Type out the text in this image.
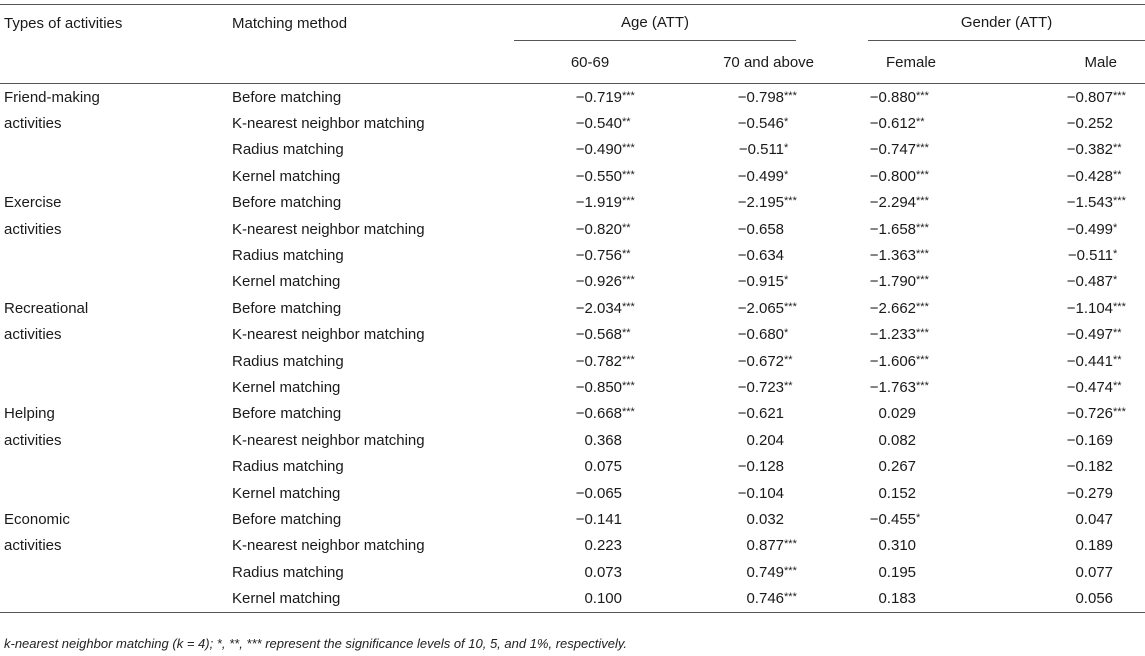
Types of activities	Matching method	Age (ATT)		Gender (ATT)	

		60-69	70 and above	Female	Male
Friend-making	Before matching	−0.719***	−0.798***	−0.880***	−0.807***
activities	K-nearest neighbor matching	−0.540**	−0.546*	−0.612**	−0.252
	Radius matching	−0.490***	−0.511*	−0.747***	−0.382**
	Kernel matching	−0.550***	−0.499*	−0.800***	−0.428**
Exercise	Before matching	−1.919***	−2.195***	−2.294***	−1.543***
activities	K-nearest neighbor matching	−0.820**	−0.658	−1.658***	−0.499*
	Radius matching	−0.756**	−0.634	−1.363***	−0.511*
	Kernel matching	−0.926***	−0.915*	−1.790***	−0.487*
Recreational	Before matching	−2.034***	−2.065***	−2.662***	−1.104***
activities	K-nearest neighbor matching	−0.568**	−0.680*	−1.233***	−0.497**
	Radius matching	−0.782***	−0.672**	−1.606***	−0.441**
	Kernel matching	−0.850***	−0.723**	−1.763***	−0.474**
Helping	Before matching	−0.668***	−0.621	0.029	−0.726***
activities	K-nearest neighbor matching	0.368	0.204	0.082	−0.169
	Radius matching	0.075	−0.128	0.267	−0.182
	Kernel matching	−0.065	−0.104	0.152	−0.279
Economic	Before matching	−0.141	0.032	−0.455*	0.047
activities	K-nearest neighbor matching	0.223	0.877***	0.310	0.189
	Radius matching	0.073	0.749***	0.195	0.077
	Kernel matching	0.100	0.746***	0.183	0.056
k-nearest neighbor matching (k = 4); *, **, *** represent the significance levels of 10, 5, and 1%, respectively.
